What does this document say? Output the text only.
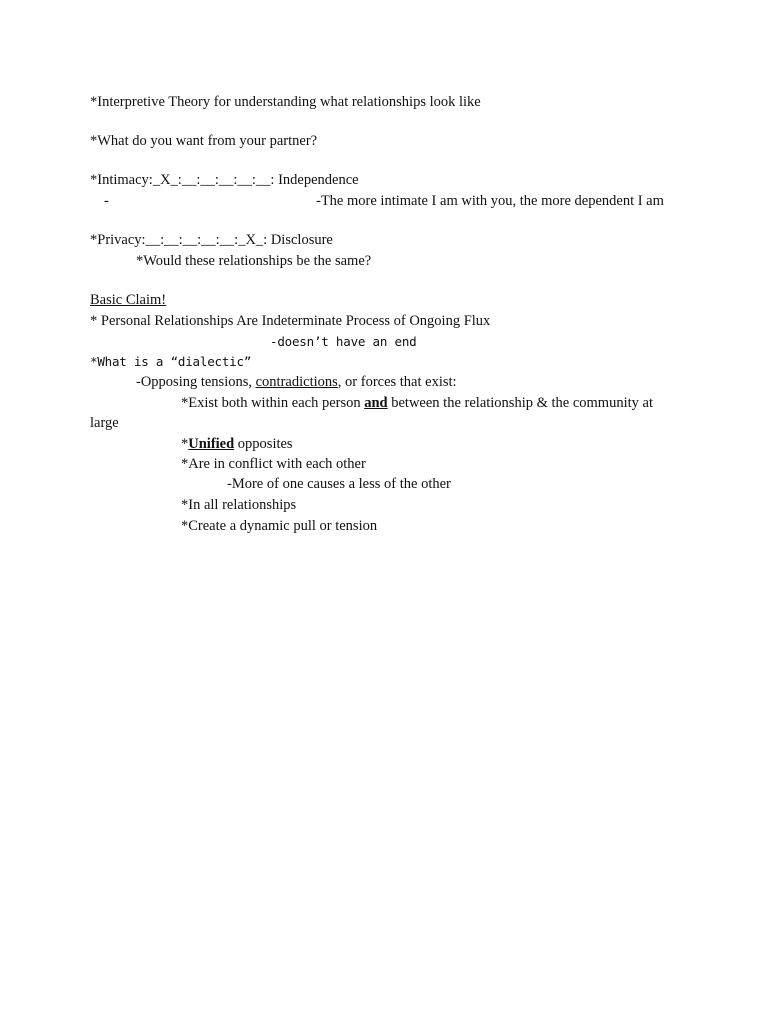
*Interpretive Theory for understanding what relationships look like
*What do you want from your partner?
*Intimacy:_X_:__:__:__:__:__: Independence
-	-The more intimate I am with you, the more dependent I am
*Privacy:__:__:__:__:__:_X_: Disclosure
*Would these relationships be the same?
Basic Claim!
* Personal Relationships Are Indeterminate Process of Ongoing Flux
-doesn’t have an end
*What is a “dialectic”
-Opposing tensions, contradictions, or forces that exist:
*Exist both within each person and between the relationship & the community at
large
*Unified opposites
*Are in conflict with each other
-More of one causes a less of the other
*In all relationships
*Create a dynamic pull or tension
